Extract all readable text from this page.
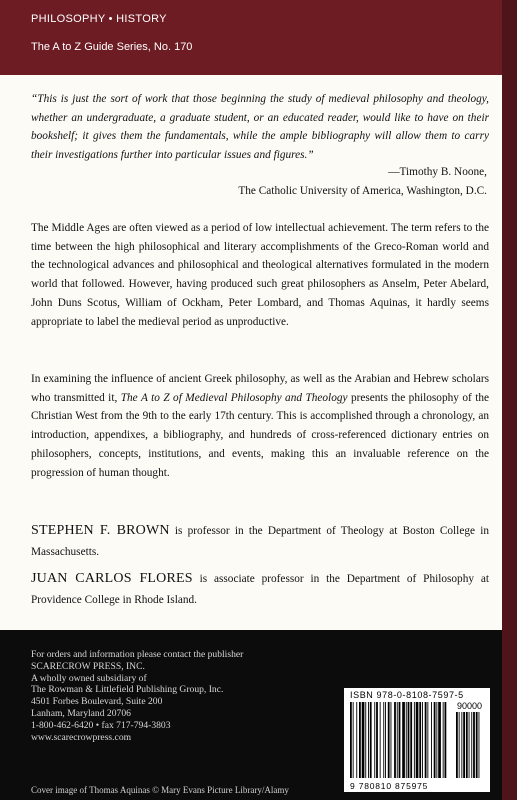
PHILOSOPHY • HISTORY
The A to Z Guide Series, No. 170
“This is just the sort of work that those beginning the study of medieval philosophy and theology, whether an undergraduate, a graduate student, or an educated reader, would like to have on their bookshelf; it gives them the fundamentals, while the ample bibliography will allow them to carry their investigations further into particular issues and figures.”
—Timothy B. Noone,
The Catholic University of America, Washington, D.C.
The Middle Ages are often viewed as a period of low intellectual achievement. The term refers to the time between the high philosophical and literary accomplishments of the Greco-Roman world and the technological advances and philosophical and theological alternatives formulated in the modern world that followed. However, having produced such great philosophers as Anselm, Peter Abelard, John Duns Scotus, William of Ockham, Peter Lombard, and Thomas Aquinas, it hardly seems appropriate to label the medieval period as unproductive.
In examining the influence of ancient Greek philosophy, as well as the Arabian and Hebrew scholars who transmitted it, The A to Z of Medieval Philosophy and Theology presents the philosophy of the Christian West from the 9th to the early 17th century. This is accomplished through a chronology, an introduction, appendixes, a bibliography, and hundreds of cross-referenced dictionary entries on philosophers, concepts, institutions, and events, making this an invaluable reference on the progression of human thought.
STEPHEN F. BROWN is professor in the Department of Theology at Boston College in Massachusetts.
JUAN CARLOS FLORES is associate professor in the Department of Philosophy at Providence College in Rhode Island.
For orders and information please contact the publisher
SCARECROW PRESS, INC.
A wholly owned subsidiary of
The Rowman & Littlefield Publishing Group, Inc.
4501 Forbes Boulevard, Suite 200
Lanham, Maryland 20706
1-800-462-6420 • fax 717-794-3803
www.scarecrowpress.com
Cover image of Thomas Aquinas © Mary Evans Picture Library/Alamy
ISBN 978-0-8108-7597-5
90000
9 780810 875975
